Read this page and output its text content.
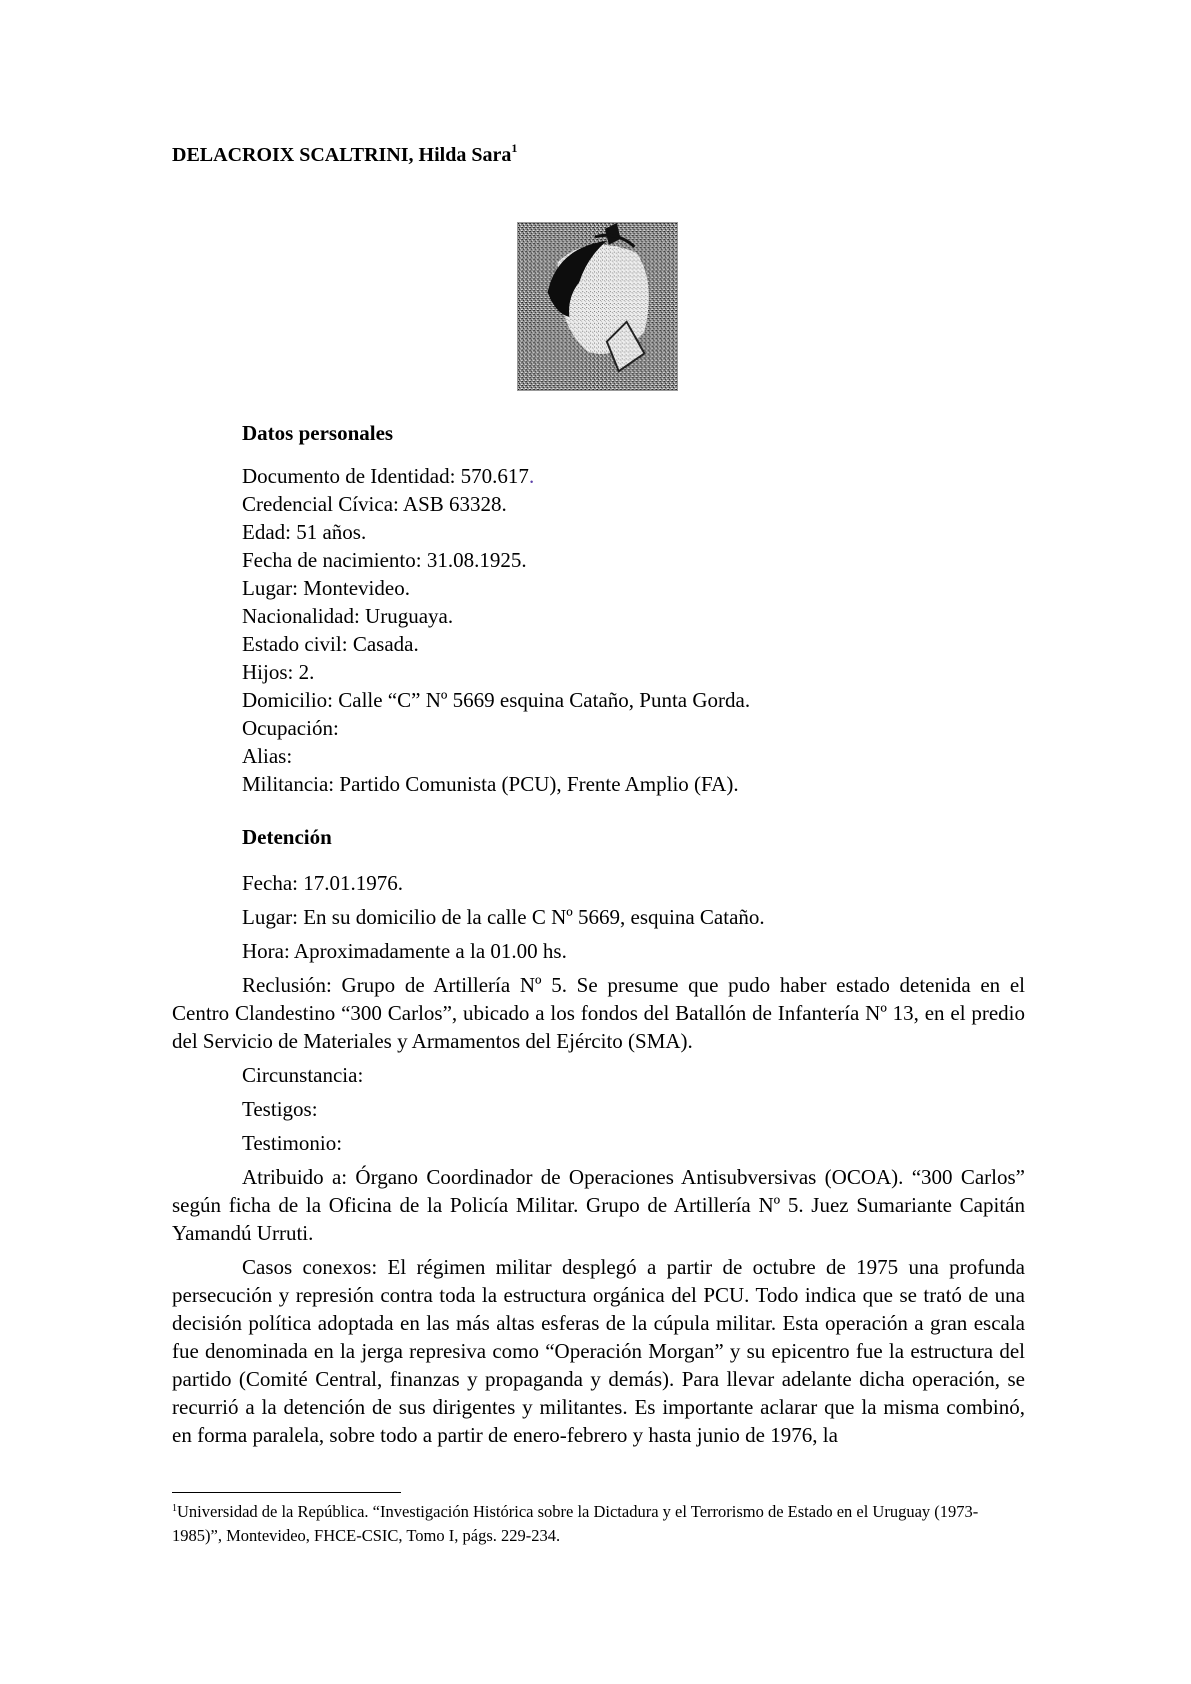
DELACROIX SCALTRINI, Hilda Sara$^1$
Datos personales
Documento de Identidad: 570.617.
Credencial Cívica: ASB 63328.
Edad: 51 años.
Fecha de nacimiento: 31.08.1925.
Lugar: Montevideo.
Nacionalidad: Uruguaya.
Estado civil: Casada.
Hijos: 2.
Domicilio: Calle “C” Nº 5669 esquina Cataño, Punta Gorda.
Ocupación:
Alias:
Militancia: Partido Comunista (PCU), Frente Amplio (FA).
Detención
Fecha: 17.01.1976.
Lugar: En su domicilio de la calle C Nº 5669, esquina Cataño.
Hora: Aproximadamente a la 01.00 hs.
Reclusión: Grupo de Artillería Nº 5. Se presume que pudo haber estado detenida en el Centro Clandestino “300 Carlos”, ubicado a los fondos del Batallón de Infantería Nº 13, en el predio del Servicio de Materiales y Armamentos del Ejército (SMA).
Circunstancia:
Testigos:
Testimonio:
Atribuido a: Órgano Coordinador de Operaciones Antisubversivas (OCOA). “300 Carlos” según ficha de la Oficina de la Policía Militar. Grupo de Artillería Nº 5. Juez Sumariante Capitán Yamandú Urruti.
Casos conexos: El régimen militar desplegó a partir de octubre de 1975 una profunda persecución y represión contra toda la estructura orgánica del PCU. Todo indica que se trató de una decisión política adoptada en las más altas esferas de la cúpula militar. Esta operación a gran escala fue denominada en la jerga represiva como “Operación Morgan” y su epicentro fue la estructura del partido (Comité Central, finanzas y propaganda y demás). Para llevar adelante dicha operación, se recurrió a la detención de sus dirigentes y militantes. Es importante aclarar que la misma combinó, en forma paralela, sobre todo a partir de enero-febrero y hasta junio de 1976, la
$^1$Universidad de la República. “Investigación Histórica sobre la Dictadura y el Terrorismo de Estado en el Uruguay (1973-1985)”, Montevideo, FHCE-CSIC, Tomo I, págs. 229-234.
